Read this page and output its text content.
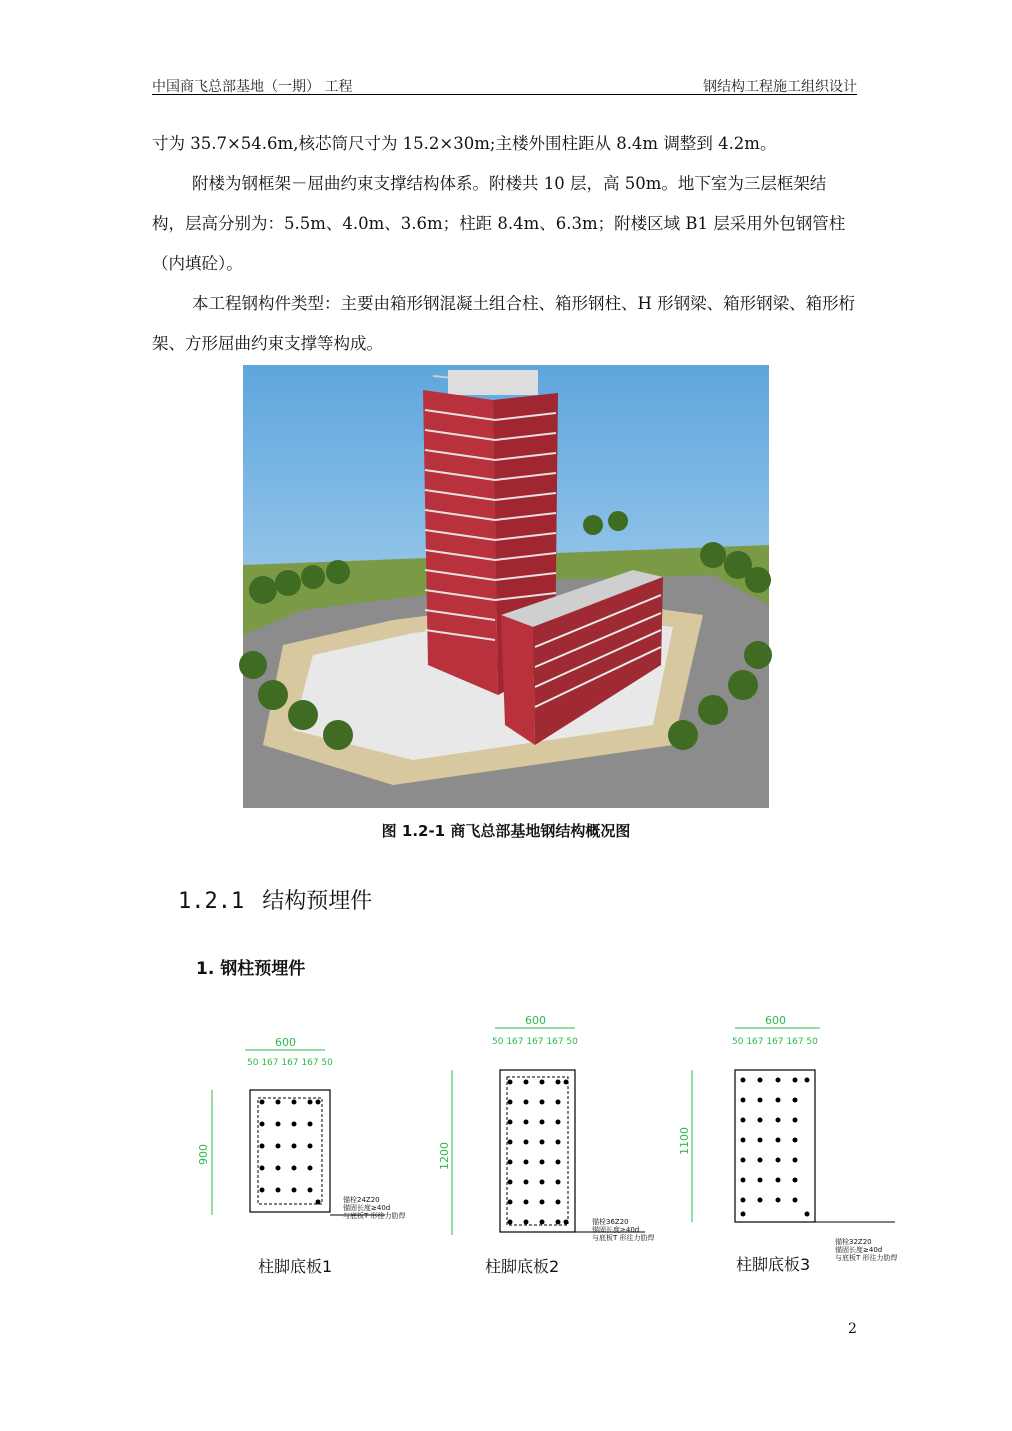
中国商飞总部基地（一期） 工程	钢结构工程施工组织设计

寸为 35.7×54.6m,核芯筒尺寸为 15.2×30m;主楼外围柱距从 8.4m 调整到 4.2m。

附楼为钢框架－屈曲约束支撑结构体系。附楼共 10 层，高 50m。地下室为三层框架结构，层高分别为：5.5m、4.0m、3.6m；柱距 8.4m、6.3m；附楼区域 B1 层采用外包钢管柱（内填砼）。

本工程钢构件类型：主要由箱形钢混凝土组合柱、箱形钢柱、H 形钢梁、箱形钢梁、箱形桁架、方形屈曲约束支撑等构成。

图 1.2-1 商飞总部基地钢结构概况图
1.2.1 结构预埋件
1. 钢柱预埋件
600
50 167 167 167 50
900
锚栓24Z20
锚固长度≥40d
与底板T 形往力肋焊
柱脚底板1
600
50 167 167 167 50
1200
锚栓36Z20
锚固长度≥40d
与底板T 形往力肋焊
柱脚底板2
600
50 167 167 167 50
1100
锚栓32Z20
锚固长度≥40d
与底板T 形往力肋焊
柱脚底板3
2
